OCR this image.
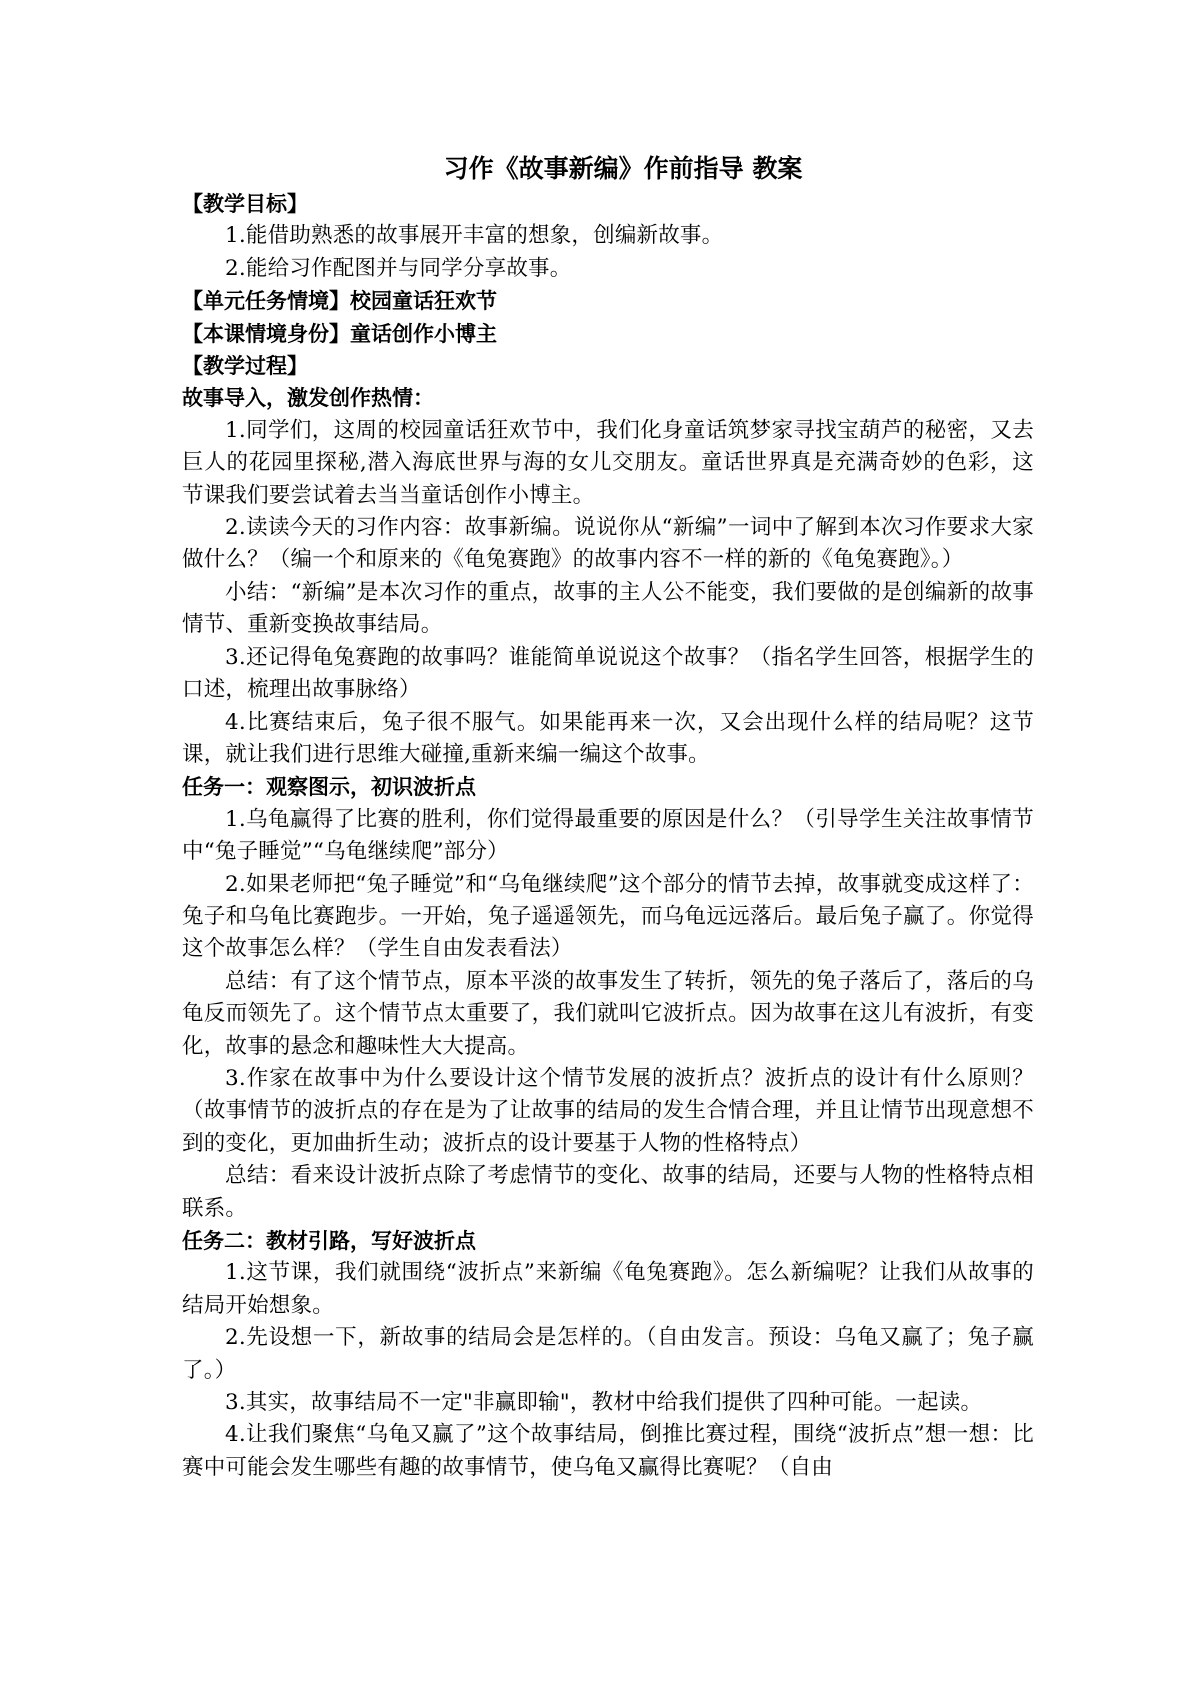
习作《故事新编》作前指导 教案
【教学目标】
1.能借助熟悉的故事展开丰富的想象，创编新故事。
2.能给习作配图并与同学分享故事。
【单元任务情境】校园童话狂欢节
【本课情境身份】童话创作小博主
【教学过程】
故事导入，激发创作热情：
1.同学们，这周的校园童话狂欢节中，我们化身童话筑梦家寻找宝葫芦的秘密，又去巨人的花园里探秘,潜入海底世界与海的女儿交朋友。童话世界真是充满奇妙的色彩，这节课我们要尝试着去当当童话创作小博主。
2.读读今天的习作内容：故事新编。说说你从“新编”一词中了解到本次习作要求大家做什么？（编一个和原来的《龟兔赛跑》的故事内容不一样的新的《龟兔赛跑》。）
小结：“新编”是本次习作的重点，故事的主人公不能变，我们要做的是创编新的故事情节、重新变换故事结局。
3.还记得龟兔赛跑的故事吗？谁能简单说说这个故事？（指名学生回答，根据学生的口述，梳理出故事脉络）
4.比赛结束后，兔子很不服气。如果能再来一次，又会出现什么样的结局呢？这节课，就让我们进行思维大碰撞,重新来编一编这个故事。
任务一：观察图示，初识波折点
1.乌龟赢得了比赛的胜利，你们觉得最重要的原因是什么？（引导学生关注故事情节中“兔子睡觉”“乌龟继续爬”部分）
2.如果老师把“兔子睡觉”和“乌龟继续爬”这个部分的情节去掉，故事就变成这样了：兔子和乌龟比赛跑步。一开始，兔子遥遥领先，而乌龟远远落后。最后兔子赢了。你觉得这个故事怎么样？（学生自由发表看法）
总结：有了这个情节点，原本平淡的故事发生了转折，领先的兔子落后了，落后的乌龟反而领先了。这个情节点太重要了，我们就叫它波折点。因为故事在这儿有波折，有变化，故事的悬念和趣味性大大提高。
3.作家在故事中为什么要设计这个情节发展的波折点？波折点的设计有什么原则？（故事情节的波折点的存在是为了让故事的结局的发生合情合理，并且让情节出现意想不到的变化，更加曲折生动；波折点的设计要基于人物的性格特点）
总结：看来设计波折点除了考虑情节的变化、故事的结局，还要与人物的性格特点相联系。
任务二：教材引路，写好波折点
1.这节课，我们就围绕“波折点”来新编《龟兔赛跑》。怎么新编呢？让我们从故事的结局开始想象。
2.先设想一下，新故事的结局会是怎样的。（自由发言。预设：乌龟又赢了；兔子赢了。）
3.其实，故事结局不一定"非赢即输"，教材中给我们提供了四种可能。一起读。
4.让我们聚焦“乌龟又赢了”这个故事结局，倒推比赛过程，围绕“波折点”想一想：比赛中可能会发生哪些有趣的故事情节，使乌龟又赢得比赛呢？（自由
